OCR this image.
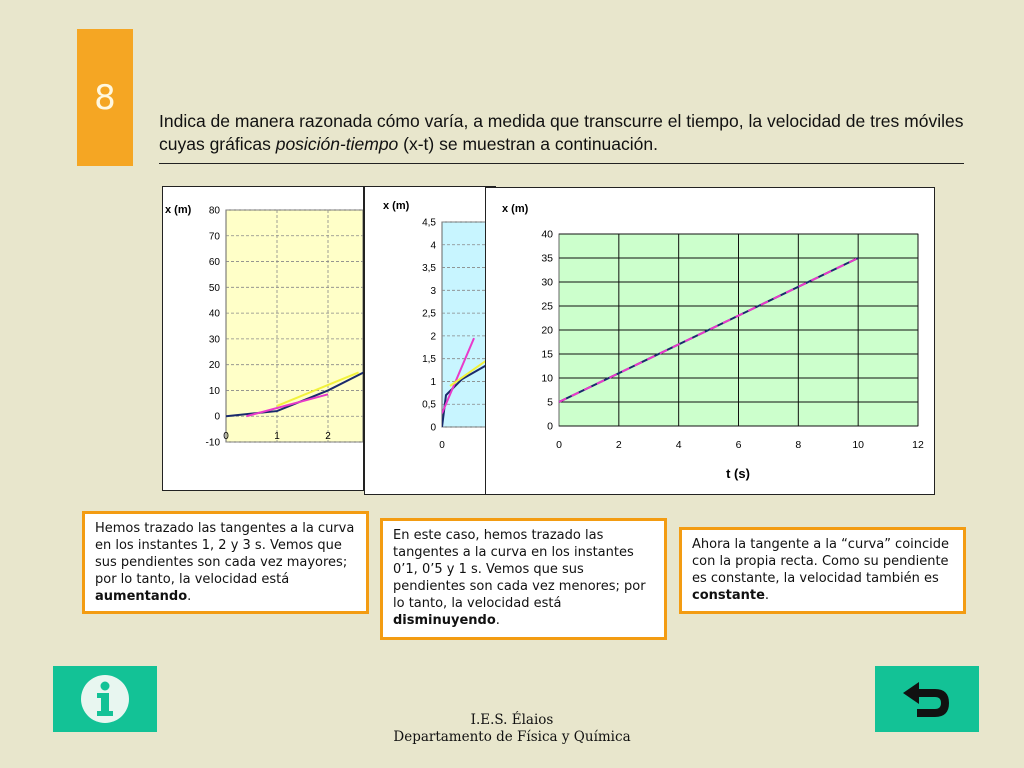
8
Indica de manera razonada cómo varía, a medida que transcurre el tiempo, la velocidad de tres móviles cuyas gráficas posición-tiempo (x-t) se muestran a continuación.
x (m) 80
70
60
50
40
30
20
10
0
-10
0	1	2
x (m)
4,5
4
3,5
3
2,5
2
1,5
1
0,5
0
0
x (m)
40
35
30
25
20
15
10
5
0
0	2	4	6	8	10	12
t (s)
Hemos trazado las tangentes a la curva en los instantes 1, 2 y 3 s. Vemos que sus pendientes son cada vez mayores; por lo tanto, la velocidad está aumentando.
En este caso, hemos trazado las tangentes a la curva en los instantes 0’1, 0’5 y 1 s. Vemos que sus pendientes son cada vez menores; por lo tanto, la velocidad está disminuyendo.
Ahora la tangente a la “curva” coincide con la propia recta. Como su pendiente es constante, la velocidad también es constante.
I.E.S. Élaios
Departamento de Física y Química
